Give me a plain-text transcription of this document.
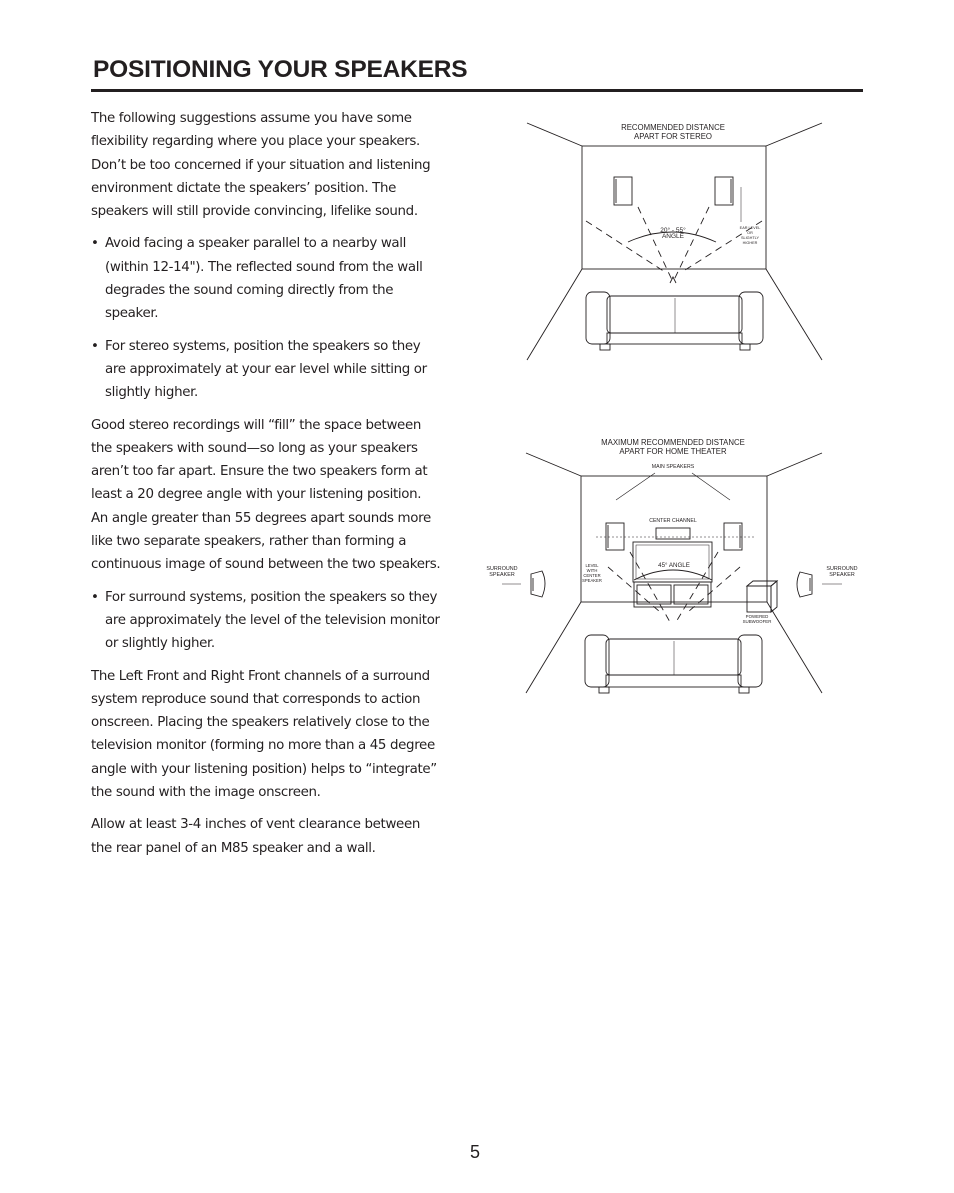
POSITIONING YOUR SPEAKERS

The following suggestions assume you have some flexibility regarding where you place your speakers. Don’t be too concerned if your situation and listening environment dictate the speakers’ position. The speakers will still provide convincing, lifelike sound.

• Avoid facing a speaker parallel to a nearby wall (within 12-14"). The reflected sound from the wall degrades the sound coming directly from the speaker.
• For stereo systems, position the speakers so they are approximately at your ear level while sitting or slightly higher.

Good stereo recordings will “fill” the space between the speakers with sound—so long as your speakers aren’t too far apart. Ensure the two speakers form at least a 20 degree angle with your listening position. An angle greater than 55 degrees apart sounds more like two separate speakers, rather than forming a continuous image of sound between the two speakers.

• For surround systems, position the speakers so they are approximately the level of the television monitor or slightly higher.

The Left Front and Right Front channels of a surround system reproduce sound that corresponds to action onscreen. Placing the speakers relatively close to the television monitor (forming no more than a 45 degree angle with your listening position) helps to “integrate” the sound with the image onscreen.

Allow at least 3-4 inches of vent clearance between the rear panel of an M85 speaker and a wall.

RECOMMENDED DISTANCE
APART FOR STEREO
20° - 55°
ANGLE
EAR LEVEL
OR
SLIGHTLY
HIGHER
MAXIMUM RECOMMENDED DISTANCE
APART FOR HOME THEATER
MAIN SPEAKERS
CENTER CHANNEL
45° ANGLE
LEVEL
WITH
CENTER
SPEAKER
SURROUND
SPEAKER
SURROUND
SPEAKER
POWERED
SUBWOOFER
5
